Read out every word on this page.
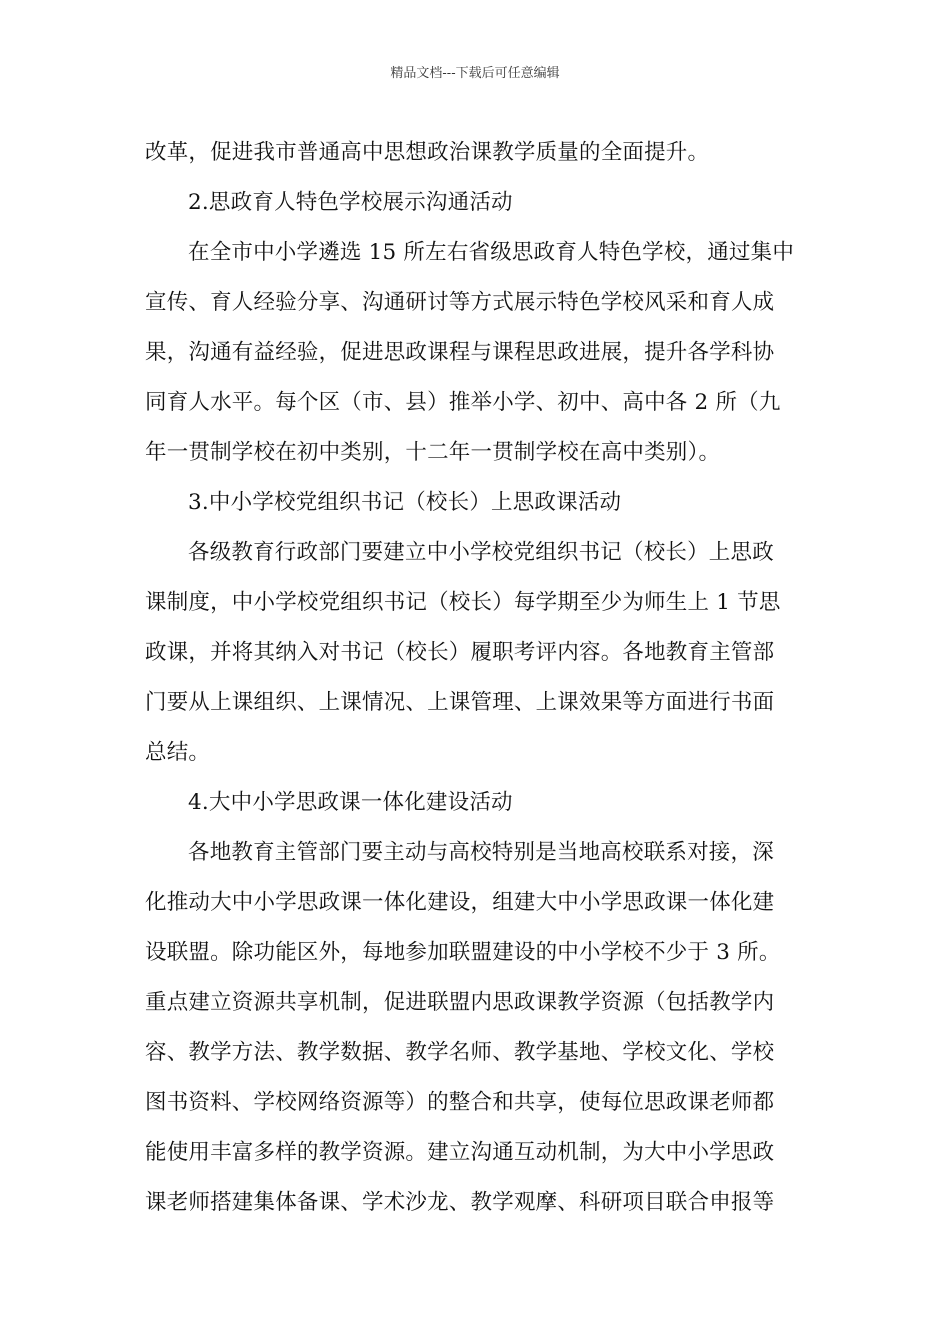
精品文档---下载后可任意编辑
改革，促进我市普通高中思想政治课教学质量的全面提升。
2.思政育人特色学校展示沟通活动
在全市中小学遴选 15 所左右省级思政育人特色学校，通过集中
宣传、育人经验分享、沟通研讨等方式展示特色学校风采和育人成
果，沟通有益经验，促进思政课程与课程思政进展，提升各学科协
同育人水平。每个区（市、县）推举小学、初中、高中各 2 所（九
年一贯制学校在初中类别，十二年一贯制学校在高中类别）。
3.中小学校党组织书记（校长）上思政课活动
各级教育行政部门要建立中小学校党组织书记（校长）上思政
课制度，中小学校党组织书记（校长）每学期至少为师生上 1 节思
政课，并将其纳入对书记（校长）履职考评内容。各地教育主管部
门要从上课组织、上课情况、上课管理、上课效果等方面进行书面
总结。
4.大中小学思政课一体化建设活动
各地教育主管部门要主动与高校特别是当地高校联系对接，深
化推动大中小学思政课一体化建设，组建大中小学思政课一体化建
设联盟。除功能区外，每地参加联盟建设的中小学校不少于 3 所。
重点建立资源共享机制，促进联盟内思政课教学资源（包括教学内
容、教学方法、教学数据、教学名师、教学基地、学校文化、学校
图书资料、学校网络资源等）的整合和共享，使每位思政课老师都
能使用丰富多样的教学资源。建立沟通互动机制，为大中小学思政
课老师搭建集体备课、学术沙龙、教学观摩、科研项目联合申报等
